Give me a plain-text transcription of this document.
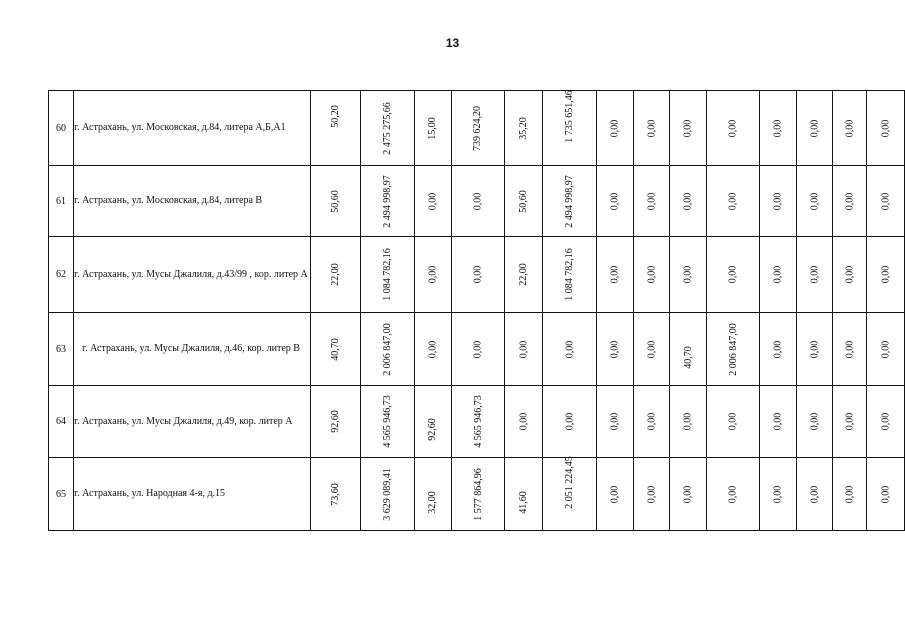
13
60	г. Астрахань, ул. Московская, д.84, литера А,Б,А1	50,20	2 475 275,66	15,00	739 624,20	35,20	1 735 651,46	0,00	0,00	0,00	0,00	0,00	0,00	0,00	0,00
61	г. Астрахань, ул. Московская, д.84, литера В	50,60	2 494 998,97	0,00	0,00	50,60	2 494 998,97	0,00	0,00	0,00	0,00	0,00	0,00	0,00	0,00
62	г. Астрахань, ул. Мусы Джалиля, д.43/99 , кор. литер А	22,00	1 084 782,16	0,00	0,00	22,00	1 084 782,16	0,00	0,00	0,00	0,00	0,00	0,00	0,00	0,00
63	г. Астрахань, ул. Мусы Джалиля, д.46, кор. литер В	40,70	2 006 847,00	0,00	0,00	0,00	0,00	0,00	0,00	40,70	2 006 847,00	0,00	0,00	0,00	0,00
64	г. Астрахань, ул. Мусы Джалиля, д.49, кор. литер А	92,60	4 565 946,73	92,60	4 565 946,73	0,00	0,00	0,00	0,00	0,00	0,00	0,00	0,00	0,00	0,00
65	г. Астрахань, ул. Народная 4-я, д.15	73,60	3 629 089,41	32,00	1 577 864,96	41,60	2 051 224,45	0,00	0,00	0,00	0,00	0,00	0,00	0,00	0,00
